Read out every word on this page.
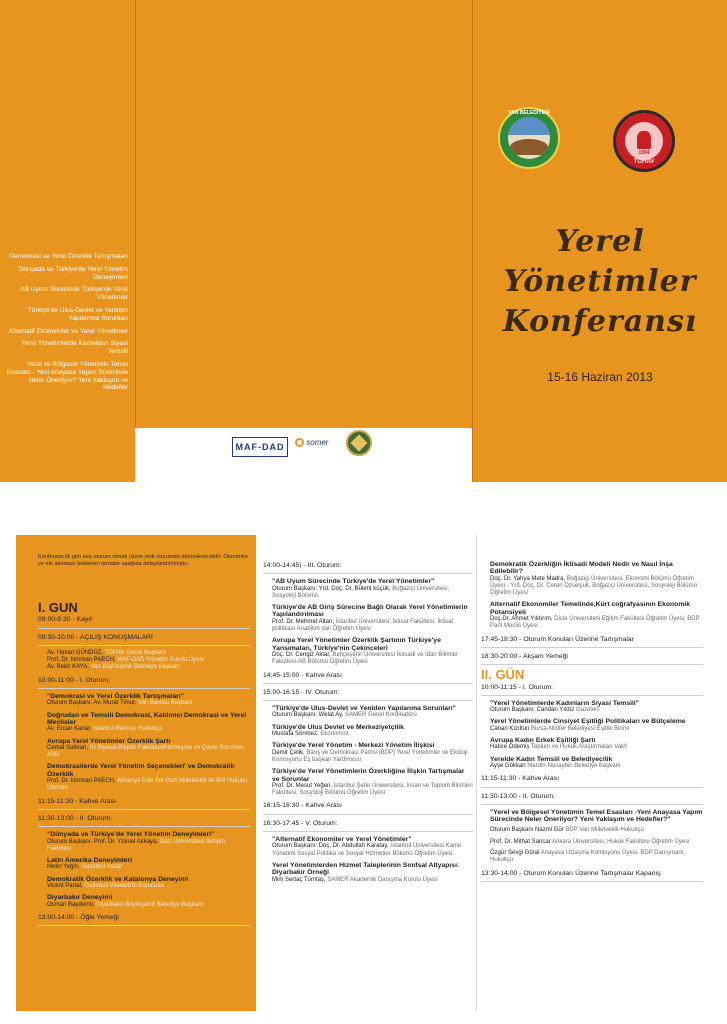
Demokrasi ve Yerel Özerklik Tartışmaları
Dünyada ve Türkiye'de Yerel Yönetim Deneyimleri
AB Uyum Sürecinde Türkiye'de Yerel Yönetimler
Türkiye'de Ulus-Devlet ve Yeniden Yapılanma Sorunları
Alternatif Ekonomiler ve Yerel Yönetimler
Yerel Yönetimlerde Kadınların Siyasi Temsili
Yerel ve Bölgesel Yönetimin Temel Esasları - Yeni Anayasa Yapım Sürecinde Neler Önerilyor? Yeni Yaklaşım ve Hedefler
VAN BELEDİYESİ
1994
TOHAV
Yerel
Yönetimler
Konferansı
15-16 Haziran 2013
MAF-DAD	somer
Konferans ilk gün beş oturum olmak üzere yedi oturumda düzenlenecektir. Oturumlar ve ele alınması beklenen temalar aşağıda detaylandırılmıştır.
I. GUN
09.00-9.30 - Kayıt
09:30-10:00 - AÇILIŞ KONUŞMALARI
Av. Hakan GÜNDÜZ, TOHAV Genel Başkanı
Prof. Dr. Norman PAECH, MAF-DAD Yönetim Kurulu Üyesi
Av. Bekir KAYA, Van Büyükşehir Belediye Başkanı
10:00-11:00 - I. Oturum:
"Demokrasi ve Yerel Özerklik Tartışmaları"
Oturum Başkanı: Av. Murat Timur, Van Barosu Başkanı
Doğrudan ve Temsili Demokrasi, Katılımcı Demokrasi ve Yerel Meclisler
Av. Ercan Kanar, İstanbul Barosu, Hukukçu
Avrupa Yerel Yönetimler Özerklik Şartı
Cemal Salman, IÜ Siyasal Bilgiler Fakültesi/Kentleşme ve Çevre Sorunları ABD
Demokrasilerde Yerel Yönetim Seçenekleri' ve Demokratik Özerklik
Prof. Dr. Norman PAECH, Almanya Eski Sol Parti Milletvekili ve BM Hukuku Uzmanı
11:15-11:30 - Kahve Arası
11:30-13:00 - II. Oturum:
"Dünyada ve Türkiye'de Yerel Yönetim Deneyimleri"
Oturum Başkanı: Prof. Dr. Yüksel Akkaya, Gazi Üniversitesi İletişim Fakültesi
Latin Amerika Deneyimleri
Metin Yeğin, Gazeteci-Yazar
Demokratik Özerklik ve Katalonya Deneyimi
Vicent Partal, Gazeteci-Vilaweb'in Kurucusu
Diyarbakır Deneyimi
Osman Baydemir, Diyarbakır Büyükşehir Belediye Başkanı
13:00-14:00 - Öğle Yemeği
14:00-14:45) - III. Oturum:
"AB Uyum Sürecinde Türkiye'de Yerel Yönetimler"
Oturum Başkanı: Yrd. Doç. Dr. Bülent küçük, Boğaziçi Üniversitesi, Sosyoloji Bölümü
Türkiye'de AB Giriş Sürecine Bağlı Olarak Yerel Yönetimlerin Yapılandırılması
Prof. Dr. Mehmet Altan, İstanbul Üniversitesi, İktisat Fakültesi, İktisat politikası Anabilim dalı Öğretim Üyesi
Avrupa Yerel Yönetimler Özerklik Şartının Türkiye'ye Yansımaları, Türkiye'nin Çekinceleri
Doç. Dr. Cengiz Aktar, Bahçeşehir Üniversitesi İktisadi ve İdari Bilimler Fakültesi-AB Bölümü Öğretim Üyesi
14:45-15:00 - Kahve Arası
15:00-16:15 - IV. Oturum:
"Türkiye'de Ulus-Devlet ve Yeniden Yapılanma Sorunları"
Oturum Başkanı: Welat Ay, SAMER Genel Kordinatörü
Türkiye'de Ulus Devlet ve Merkeziyetçilik
Mustafa Sönmez, Ekonomist
Türkiye'de Yerel Yönetim - Merkezi Yönetim İlişkisi
Demir Çelik, Barış ve Demokrasi Partisi (BDP) Yerel Yönetimler ve Ekoloji Komisyonu Eş başkan Yardımcısı
Türkiye'de Yerel Yönetimlerin Özerkliğine İlişkin Tartışmalar ve Sorunlar
Prof. Dr. Mesut Yeğen, İstanbul Şehir Üniversitesi, İnsan ve Toplum Bilimleri Fakültesi, Sosyoloji Bölümü Öğretim Üyesi
16:15-16:30 - Kahve Arası
16:30-17:45 - V. Oturum:
"Alternatif Ekonomiler ve Yerel Yönetimler"
Oturum Başkanı: Doç. Dr. Abdullah Karatay, İstanbul Üniversitesi Kamu Yönetimi Sosyal Politika ve Sosyal Hizmetler Bölümü Öğretim Üyesi
Yerel Yönetimlerden Hizmet Taleplerinin Sınıfsal Altyapısı: Diyarbakır Örneği
Mim Sertaç Tümtaş, SAMER Akademik Danışma Kurulu Üyesi
Demokratik Özerkliğin İktisadi Modeli Nedir ve Nasıl İnşa Edilebilir?
Doç. Dr. Yahya Mete Madra, Boğaziçi Üniversitesi, Ekonomi Bölümü Öğretim Üyesi - Yrd. Doç. Dr. Ceren Özselçuk, Boğaziçi Üniversitesi, Sosyoloji Bölümü Öğretim Üyesi
Alternatif Ekonomiler Temelinde,Kürt coğrafyasının Ekonomik Potansiyeli
Doç.Dr. Ahmet Yıldırım, Dicle Üniversitesi Eğitim Fakültesi Öğretim Üyesi, BDP Parti Meclis Üyesi
17:45-18:30 - Oturum Konuları Üzerine Tartışmalar
18:30-20:00 - Akşam Yemeği
II. GÜN
10:00-11:15 - I. Oturum:
"Yerel Yönetimlerde Kadınların Siyasi Temsili"
Oturum Başkanı: Candan Yıldız Gazeteci
Yerel Yönetimlerde Cinsiyet Eşitliği Politikaları ve Bütçeleme
Canan Kızıltun Bursa-Nilüfer Belediyesi Eşitlik Birimi
Avrupa Kadın Erkek Eşitliği Şartı
Hatice Ödemiş Toplum ve Hukuk Araştırmaları Vakfı
Yerelde Kadın Temsili ve Belediyecilik
Ayşe Gökkan Mardin-Nusaybin Belediye Başkanı
11:15-11:30 - Kahve Arası
11:30-13:00 - II. Oturum:
"Yerel ve Bölgesel Yönetimin Temel Esasları -Yeni Anayasa Yapım Sürecinde Neler Önerilyor? Yeni Yaklaşım ve Hedefler?"
Oturum Başkanı Nazmi Gür BDP Van Milletvekili-Hukukçu
Prof. Dr. Mithat Sancar Ankara Üniversitesi, Hukuk Fakültesi Öğretim Üyesi
Özgür Sevgi Göral Anayasa Uzlaşma Komisyonu Üyesi, BDP Danışmanı, Hukukçu
13:30-14:00 - Oturum Konuları Üzerine Tartışmalar Kapanış
